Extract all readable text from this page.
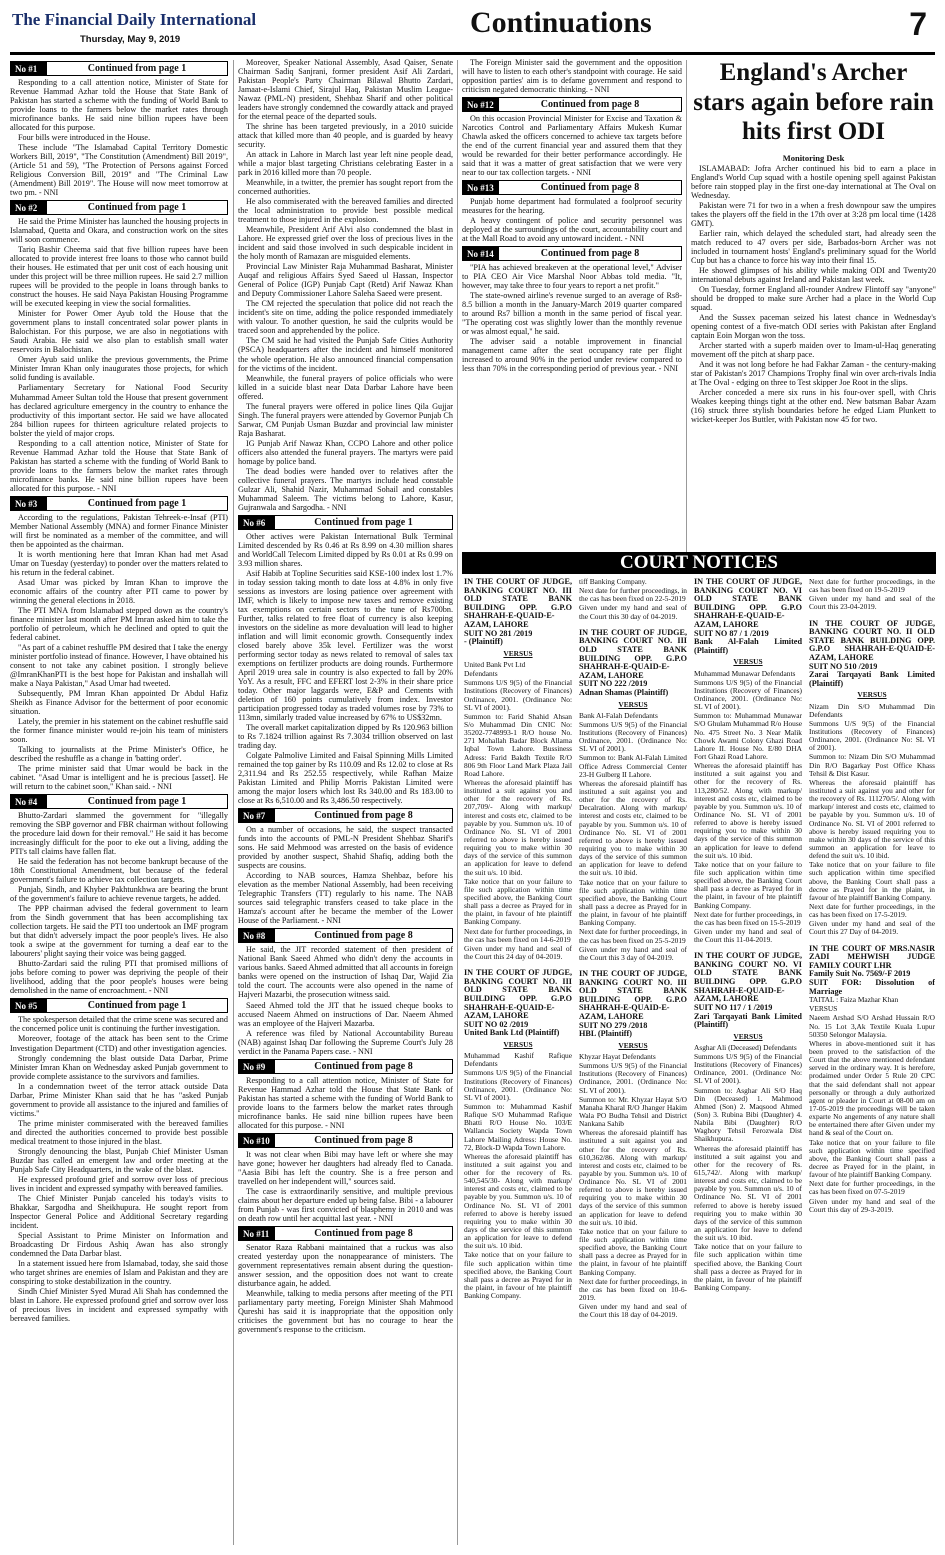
The Financial Daily International
Thursday, May 9, 2019
Continuations	7
No #1	Continued from page 1

Responding to a call attention notice, Minister of State for Revenue Hammad Azhar told the House that State Bank of Pakistan has started a scheme with the funding of World Bank to provide loans to the farmers below the market rates through microfinance banks. He said nine billion rupees have been allocated for this purpose.

Four bills were introduced in the House.

These include "The Islamabad Capital Territory Domestic Workers Bill, 2019", "The Constitution (Amendment) Bill 2019", (Article 51 and 59), "The Protection of Persons against Forced Religious Conversion Bill, 2019" and "The Criminal Law (Amendment) Bill 2019". The House will now meet tomorrow at two pm. - NNI

No #2	Continued from page 1

He said the Prime Minister has launched the housing projects in Islamabad, Quetta and Okara, and construction work on the sites will soon commence.

Tariq Bashir Cheema said that five billion rupees have been allocated to provide interest free loans to those who cannot build their houses. He estimated that per unit cost of each housing unit under this project will be three million rupees. He said 2.7 million rupees will be provided to the people in loans through banks to construct the houses. He said Naya Pakistan Housing Programme will be executed keeping in view the social formalities.

Minister for Power Omer Ayub told the House that the government plans to install concentrated solar power plants in Balochistan. For this purpose, we are also in negotiations with Saudi Arabia. He said we also plan to establish small water reservoirs in Balochistan.

Omer Ayub said unlike the previous governments, the Prime Minister Imran Khan only inaugurates those projects, for which solid funding is available.

Parliamentary Secretary for National Food Security Muhammad Ameer Sultan told the House that present government has declared agriculture emergency in the country to enhance the productivity of this important sector. He said we have allocated 284 billion rupees for thirteen agriculture related projects to bolster the yield of major crops.

Responding to a call attention notice, Minister of State for Revenue Hammad Azhar told the House that State Bank of Pakistan has started a scheme with the funding of World Bank to provide loans to the farmers below the market rates through microfinance banks. He said nine billion rupees have been allocated for this purpose. - NNI

No #3	Continued from page 1

According to the regulations, Pakistan Tehreek-e-Insaf (PTI) Member National Assembly (MNA) and former Finance Minister will first be nominated as a member of the committee, and will then be appointed as the chairman.

It is worth mentioning here that Imran Khan had met Asad Umar on Tuesday (yesterday) to ponder over the matters related to his return in the federal cabinet.

Asad Umar was picked by Imran Khan to improve the economic affairs of the country after PTI came to power by winning the general elections in 2018.

The PTI MNA from Islamabad stepped down as the country's finance minister last month after PM Imran asked him to take the portfolio of petroleum, which he declined and opted to quit the federal cabinet.

"As part of a cabinet reshuffle PM desired that I take the energy minister portfolio instead of finance. However, I have obtained his consent to not take any cabinet position. I strongly believe @ImranKhanPTI is the best hope for Pakistan and inshallah will make a Naya Pakistan," Asad Umar had tweeted.

Subsequently, PM Imran Khan appointed Dr Abdul Hafiz Sheikh as Finance Advisor for the betterment of poor economic situation.

Lately, the premier in his statement on the cabinet reshuffle said the former finance minister would re-join his team of ministers soon.

Talking to journalists at the Prime Minister's Office, he described the reshuffle as a change in 'batting order'.

The prime minister said that Umar would be back in the cabinet. "Asad Umar is intelligent and he is precious [asset]. He will return to the cabinet soon," Khan said. - NNI

No #4	Continued from page 1

Bhutto-Zardari slammed the government for "illegally removing the SBP governor and FBR chairman without following the procedure laid down for their removal." He said it has become increasingly difficult for the poor to eke out a living, adding the PTI's tall claims have fallen flat.

He said the federation has not become bankrupt because of the 18th Constitutional Amendment, but because of the federal government's failure to achieve tax collection targets.

Punjab, Sindh, and Khyber Pakhtunkhwa are bearing the brunt of the government's failure to achieve revenue targets, he added.

The PPP chairman advised the federal government to learn from the Sindh government that has been accomplishing tax collection targets. He said the PTI too undertook an IMF program but that didn't adversely impact the poor people's lives. He also took a swipe at the government for turning a deaf ear to the labourers' plight saying their voice was being gagged.

Bhutto-Zardari said the ruling PTI that promised millions of jobs before coming to power was depriving the people of their livelihood, adding that the poor people's houses were being demolished in the name of encroachment. - NNI

No #5	Continued from page 1

The spokesperson detailed that the crime scene was secured and the concerned police unit is continuing the further investigation.

Moreover, footage of the attack has been sent to the Crime Investigation Department (CTD) and other investigation agencies.

Strongly condemning the blast outside Data Darbar, Prime Minister Imran Khan on Wednesday asked Punjab government to provide complete assistance to the survivors and families.

In a condemnation tweet of the terror attack outside Data Darbar, Prime Minister Khan said that he has "asked Punjab government to provide all assistance to the injured and families of victims."

The prime minister commiserated with the bereaved families and directed the authorities concerned to provide best possible medical treatment to those injured in the blast.

Strongly denouncing the blast, Punjab Chief Minister Usman Buzdar has called an emergent law and order meeting at the Punjab Safe City Headquarters, in the wake of the blast.

He expressed profound grief and sorrow over loss of precious lives in incident and expressed sympathy with bereaved families.

The Chief Minister Punjab canceled his today's visits to Bhakkar, Sargodha and Sheikhupura. He sought report from Inspector General Police and Additional Secretary regarding incident.

Special Assistant to Prime Minister on Information and Broadcasting Dr Firdous Ashiq Awan has also strongly condemned the Data Darbar blast.

In a statement issued here from Islamabad, today, she said those who target shrines are enemies of Islam and Pakistan and they are conspiring to stoke destabilization in the country.

Sindh Chief Minister Syed Murad Ali Shah has condemned the blast in Lahore. He expressed profound grief and sorrow over loss of precious lives in incident and expressed sympathy with bereaved families.

Moreover, Speaker National Assembly, Asad Qaiser, Senate Chairman Sadiq Sanjrani, former president Asif Ali Zardari, Pakistan People's Party Chairman Bilawal Bhutto Zardari, Jamaat-e-Islami Chief, Sirajul Haq, Pakistan Muslim League-Nawaz (PML-N) president, Shehbaz Sharif and other political leaders have strongly condemned the cowardly attack and prayed for the eternal peace of the departed souls.

The shrine has been targeted previously, in a 2010 suicide attack that killed more than 40 people, and is guarded by heavy security.

An attack in Lahore in March last year left nine people dead, while a major blast targeting Christians celebrating Easter in a park in 2016 killed more than 70 people.

Meanwhile, in a twitter, the premier has sought report from the concerned authorities.

He also commiserated with the bereaved families and directed the local administration to provide best possible medical treatment to those injured in the explosion.

Meanwhile, President Arif Alvi also condemned the blast in Lahore. He expressed grief over the loss of precious lives in the incident and said those involved in such despicable incident in the holy month of Ramazan are misguided elements.

Provincial Law Minister Raja Muhammad Basharat, Minister Auqaf and religious Affairs Syed Saeed ul Hassan, Inspector General of Police (IGP) Punjab Capt (Retd) Arif Nawaz Khan and Deputy Commissioner Lahore Saleha Saeed were present.

The CM rejected the speculation that police did not reach the incident's site on time, adding the police responded immediately with valour. To another question, he said the culprits would be traced soon and apprehended by the police.

The CM said he had visited the Punjab Safe Cities Authority (PSCA) headquarters after the incident and himself monitored the whole operation. He also announced financial compensation for the victims of the incident.

Meanwhile, the funeral prayers of police officials who were killed in a suicide blast near Data Darbar Lahore have been offered.

The funeral prayers were offered in police lines Qila Gujjar Singh. The funeral prayers were attended by Governor Punjab Ch Sarwar, CM Punjab Usman Buzdar and provincial law minister Raja Basharat.

IG Punjab Arif Nawaz Khan, CCPO Lahore and other police officers also attended the funeral prayers. The martyrs were paid homage by police band.

The dead bodies were handed over to relatives after the collective funeral prayers. The martyrs include head constable Gulzar Ali, Shahid Nazir, Muhammad Sohail and constables Muhammad Saleem. The victims belong to Lahore, Kasur, Gujranwala and Sargodha. - NNI

No #6	Continued from page 1

Other actives were Pakistan International Bulk Terminal Limited descended by Rs 0.46 at Rs 8.99 on 4.30 million shares and WorldCall Telecom Limited dipped by Rs 0.01 at Rs 0.99 on 3.93 million shares.

Asif Habib at Topline Securities said KSE-100 index lost 1.7% in today session taking month to date loss at 4.8% in only five sessions as investors are losing patience over agreement with IMF, which is likely to impose new taxes and remove existing tax exemptions on certain sectors to the tune of Rs700bn. Further, talks related to free float of currency is also keeping investors on the sideline as more devaluation will lead to higher inflation and will limit economic growth. Consequently index closed barely above 35k level. Fertilizer was the worst performing sector today as news related to removal of sales tax exemptions on fertilizer products are doing rounds. Furthermore April 2019 urea sale in country is also expected to fall by 20% YoY. As a result, FFC and EFERT lost 2-3% in their share price today. Other major laggards were, E&P and Cements with deletion of 160 points cumulatively from index. Investor participation progressed today as traded volumes rose by 73% to 113mn, similarly traded value increased by 67% to US$32mn.

The overall market capitalization dipped by Rs 120.963 billion to Rs 7.1824 trillion against Rs 7.3034 trillion observed on last trading day.

Colgate Palmolive Limited and Faisal Spinning Mills Limited remained the top gainer by Rs 110.09 and Rs 12.02 to close at Rs 2,311.94 and Rs 252.55 respectively, while Rafhan Maize Pakistan Limited and Philip Morris Pakistan Limited were among the major losers which lost Rs 340.00 and Rs 183.00 to close at Rs 6,510.00 and Rs 3,486.50 respectively.

No #7	Continued from page 8

On a number of occasions, he said, the suspect transacted funds into the accounts of PML-N President Shehbaz Sharif's sons. He said Mehmood was arrested on the basis of evidence provided by another suspect, Shahid Shafiq, adding both the suspects are cousins.

According to NAB sources, Hamza Shehbaz, before his elevation as the member National Assembly, had been receiving Telegraphic Transfers (TT) regularly to his name. The NAB sources said telegraphic transfers ceased to take place in the Hamza's account after he became the member of the Lower House of the Parliament. - NNI

No #8	Continued from page 8

He said, the JIT recorded statement of then president of National Bank Saeed Ahmed who didn't deny the accounts in various banks. Saeed Ahmed admitted that all accounts in foreign banks were opened on the instruction of Ishaq Dar, Wajid Zia told the court. The accounts were also opened in the name of Hajveri Mazarbi, the prosecution witness said.

Saeed Ahmed told the JIT that he issued cheque books to accused Naeem Ahmed on instructions of Dar. Naeem Ahmed was an employee of the Hajveri Mazarba.

A reference was filed by National Accountability Bureau (NAB) against Ishaq Dar following the Supreme Court's July 28 verdict in the Panama Papers case. - NNI

No #9	Continued from page 8

Responding to a call attention notice, Minister of State for Revenue Hammad Azhar told the House that State Bank of Pakistan has started a scheme with the funding of World Bank to provide loans to the farmers below the market rates through microfinance banks. He said nine billion rupees have been allocated for this purpose. - NNI

No #10	Continued from page 8

It was not clear when Bibi may have left or where she may have gone; however her daughters had already fled to Canada. "Aasia Bibi has left the country. She is a free person and travelled on her independent will," sources said.

The case is extraordinarily sensitive, and multiple previous claims about her departure ended up being false. Bibi - a labourer from Punjab - was first convicted of blasphemy in 2010 and was on death row until her acquittal last year. - NNI

No #11	Continued from page 8

Senator Raza Rabbani maintained that a ruckus was also created yesterday upon the nonappearance of ministers. The government representatives remain absent during the question-answer session, and the opposition does not want to create disturbance again, he added.

Meanwhile, talking to media persons after meeting of the PTI parliamentary party meeting, Foreign Minister Shah Mahmood Qureshi has said it is inappropriate that the opposition only criticises the government but has no courage to hear the government's response to the criticism.

The Foreign Minister said the government and the opposition will have to listen to each other's standpoint with courage. He said opposition parties' aim is to defame government and respond to criticism negated democratic thinking. - NNI

No #12	Continued from page 8

On this occasion Provincial Minister for Excise and Taxation & Narcotics Control and Parliamentary Affairs Mukesh Kumar Chawla asked the officers concerned to achieve tax targets before the end of the current financial year and assured them that they would be rewarded for their better performance accordingly. He said that it was a matter of great satisfaction that we were very near to our tax collection targets. - NNI

No #13	Continued from page 8

Punjab home department had formulated a foolproof security measures for the hearing.

A heavy contingent of police and security personnel was deployed at the surroundings of the court, accountability court and at the Mall Road to avoid any untoward incident. - NNI

No #14	Continued from page 8

"PIA has achieved breakeven at the operational level," Adviser to PIA CEO Air Vice Marshal Noor Abbas told media. "It, however, may take three to four years to report a net profit."

The state-owned airline's revenue surged to an average of Rs8-8.5 billion a month in the January-March 2019 quarter compared to around Rs7 billion a month in the same period of fiscal year. "The operating cost was slightly lower than the monthly revenue or was almost equal," he said.

The adviser said a notable improvement in financial management came after the seat occupancy rate per flight increased to around 90% in the period under review compared to less than 70% in the corresponding period of previous year. - NNI

England's Archer stars again before rain hits first ODI
Monitoring Desk

ISLAMABAD: Jofra Archer continued his bid to earn a place in England's World Cup squad with a hostile opening spell against Pakistan before rain stopped play in the first one-day international at The Oval on Wednesday.

Pakistan were 71 for two in a when a fresh downpour saw the umpires takes the players off the field in the 17th over at 3:28 pm local time (1428 GMT).

Earlier rain, which delayed the scheduled start, had already seen the match reduced to 47 overs per side, Barbados-born Archer was not included in tournament hosts' England's preliminary squad for the World Cup but has a chance to force his way into their final 15.

He showed glimpses of his ability while making ODI and Twenty20 international debuts against Ireland and Pakistan last week.

On Tuesday, former England all-rounder Andrew Flintoff say "anyone" should be dropped to make sure Archer had a place in the World Cup squad.

And the Sussex paceman seized his latest chance in Wednesday's opening contest of a five-match ODI series with Pakistan after England captain Eoin Morgan won the toss.

Archer started with a superb maiden over to Imam-ul-Haq generating movement off the pitch at sharp pace.

And it was not long before he had Fakhar Zaman - the century-making star of Pakistan's 2017 Champions Trophy final win over arch-rivals India at The Oval - edging on three to Test skipper Joe Root in the slips.

Archer conceded a mere six runs in his four-over spell, with Chris Woakes keeping things tight at the other end. New batsman Babar Azam (16) struck three stylish boundaries before he edged Liam Plunkett to wicket-keeper Jos Buttler, with Pakistan now 45 for two.

COURT NOTICES
IN THE COURT OF JUDGE, BANKING COURT NO. III OLD STATE BANK BUILDING OPP. G.P.O SHAHRAH-E-QUAID-E-AZAM, LAHORE
SUIT NO 281 /2019
- (Plaintiff)
VERSUS

United Bank Pvt Ltd

Defendants

Summons U/S 9(5) of the Financial Institutions (Recovery of Finances) Ordinance, 2001. (Ordinance No: SL VI of 2001).

Summon to: Farid Shahid Ahsan S/o Muhammad Din CNIC No: 35202-7748993-1 R/O house No. 271 Mohallah Badar Block Allama Iqbal Town Lahore. Bussiness Adress: Farid Bakdh Textile R/O 806 9th Floor Land Mark Plaza Jail Road Lahore.

Whereas the aforesaid plaintiff has instituted a suit against you and other for the recovery of Rs. 207,709/- Along with markup/ interest and costs etc, claimed to be payable by you. Summon u/s. 10 of Ordinance No. SL VI of 2001 referred to above is hereby issued requiring you to make within 30 days of the service of this summon an application for leave to defend the suit u/s. 10 ibid.

Take notice that on your failure to file such application within time specified above, the Banking Court shall pass a decree as Prayed for in the plaint, in favour of hte plaintiff Banking Company.

Next date for further proceedings, in the cas has been fixed on 14-6-2019

Given under my hand and seal of the Court this 24 day of 04-2019.

IN THE COURT OF JUDGE, BANKING COURT NO. III OLD STATE BANK BUILDING OPP. G.P.O SHAHRAH-E-QUAID-E-AZAM, LAHORE
SUIT NO 02 /2019
United Bank Ltd (Plaintiff)
VERSUS

Muhammad Kashif Rafique Defendants

Summons U/S 9(5) of the Financial Institutions (Recovery of Finances) Ordinance, 2001. (Ordinance No: SL VI of 2001).

Summon to: Muhammad Kashif Rafique S/O Muhammad Rafique Bhatti R/O House No. 103/E Wallancia Society Wapda Town Lahore Mailing Adress: House No. 72, Block-D Wapda Town Lahore.

Whereas the aforesaid plaintiff has instituted a suit against you and other for the recovery of Rs. 540,545/30- Along with markup/ interest and costs etc, claimed to be payable by you. Summon u/s. 10 of Ordinance No. SL VI of 2001 referred to above is hereby issued requiring you to make within 30 days of the service of this summon an application for leave to defend the suit u/s. 10 ibid.

Take notice that on your failure to file such application within time specified above, the Banking Court shall pass a decree as Prayed for in the plaint, in favour of hte plaintiff Banking Company.

tiff Banking Company.

Next date for further proceedings, in the cas has been fixed on 22-5-2019

Given under my hand and seal of the Court this 30 day of 04-2019.

IN THE COURT OF JUDGE, BANKING COURT NO. III OLD STATE BANK BUILDING OPP. G.P.O SHAHRAH-E-QUAID-E-AZAM, LAHORE
SUIT NO 222 /2019
Adnan Shamas (Plaintiff)
VERSUS

Bank Al-Falah Defendants

Summons U/S 9(5) of the Financial Institutions (Recovery of Finances) Ordinance, 2001. (Ordinance No: SL VI of 2001).

Summon to: Bank Al-Falah Limited Office Adress Commercial Center 23-H Gulberg II Lahore.

Whereas the aforesaid plaintiff has instituted a suit against you and other for the recovery of Rs. Decalration. Along with markup/ interest and costs etc, claimed to be payable by you. Summon u/s. 10 of Ordinance No. SL VI of 2001 referred to above is hereby issued requiring you to make within 30 days of the service of this summon an application for leave to defend the suit u/s. 10 ibid.

Take notice that on your failure to file such application within time specified above, the Banking Court shall pass a decree as Prayed for in the plaint, in favour of hte plaintiff Banking Company.

Next date for further proceedings, in the cas has been fixed on 25-5-2019

Given under my hand and seal of the Court this 3 day of 04-2019.

IN THE COURT OF JUDGE, BANKING COURT NO. III OLD STATE BANK BUILDING OPP. G.P.O SHAHRAH-E-QUAID-E-AZAM, LAHORE
SUIT NO 279 /2018
HBL (Plaintiff)
VERSUS

Khyzar Hayat Defendants

Summons U/S 9(5) of the Financial Institutions (Recovery of Finances) Ordinance, 2001. (Ordinance No: SL VI of 2001).

Summon to: Mr. Khyzar Hayat S/O Manaha Kharal R/O Jhanger Hakim Wala PO Budha Tehsil and District Nankana Sahib

Whereas the aforesaid plaintiff has instituted a suit against you and other for the recovery of Rs. 610,362/86. Along with markup/ interest and costs etc, claimed to be payable by you. Summon u/s. 10 of Ordinance No. SL VI of 2001 referred to above is hereby issued requiring you to make within 30 days of the service of this summon an application for leave to defend the suit u/s. 10 ibid.

Take notice that on your failure to file such application within time specified above, the Banking Court shall pass a decree as Prayed for in the plaint, in favour of hte plaintiff Banking Company.

Next date for further proceedings, in the cas has been fixed on 10-6-2019.

Given under my hand and seal of the Court this 18 day of 04-2019.

IN THE COURT OF JUDGE, BANKING COURT NO. VI OLD STATE BANK BUILDING OPP. G.P.O SHAHRAH-E-QUAID-E-AZAM, LAHORE
SUIT NO 87 / 1 /2019
Bank Al-Falah Limited (Plaintiff)
VERSUS

Muhammad Munawar Defendants

Summons U/S 9(5) of the Financial Institutions (Recovery of Finances) Ordinance, 2001. (Ordinance No: SL VI of 2001).

Summon to: Muhammad Munawar S/O Ghulam Muhammad R/o House No. 475 Street No. 3 Near Malik Chowk Awami Colony Ghazi Road Lahore II. House No. E/80 DHA Fort Ghazi Road Lahore.

Whereas the aforesaid plaintiff has instituted a suit against you and other for the recovery of Rs. 113,280/52. Along with markup/ interest and costs etc, claimed to be payable by you. Summon u/s. 10 of Ordinance No. SL VI of 2001 referred to above is hereby issued requiring you to make within 30 days of the service of this summon an application for leave to defend the suit u/s. 10 ibid.

Take notice that on your failure to file such application within time specified above, the Banking Court shall pass a decree as Prayed for in the plaint, in favour of hte plaintiff Banking Company.

Next date for further proceedings, in the cas has been fixed on 15-5-2019

Given under my hand and seal of the Court this 11-04-2019.

IN THE COURT OF JUDGE, BANKING COURT NO. VI OLD STATE BANK BUILDING OPP. G.P.O SHAHRAH-E-QUAID-E-AZAM, LAHORE
SUIT NO 117 / 1 /2019
Zari Tarqayati Bank Limited (Plaintiff)
VERSUS

Asghar Ali (Deceased) Defendants

Summons U/S 9(5) of the Financial Institutions (Recovery of Finances) Ordinance, 2001. (Ordinance No: SL VI of 2001).

Summon to: Asghar Ali S/O Haq Din (Deceased) 1. Mahmood Ahmed (Son) 2. Maqsood Ahmed (Son) 3. Rubina Bibi (Daughter) 4. Nabila Bibi (Daughter) R/O Waghory Tehsil Ferozwala Dist Shaikhupura.

Whereas the aforesaid plaintiff has instituted a suit against you and other for the recovery of Rs. 615,742/. Along with markup/ interest and costs etc, claimed to be payable by you. Summon u/s. 10 of Ordinance No. SL VI of 2001 referred to above is hereby issued requiring you to make within 30 days of the service of this summon an application for leave to defend the suit u/s. 10 ibid.

Take notice that on your failure to file such application within time specified above, the Banking Court shall pass a decree as Prayed for in the plaint, in favour of hte plaintiff Banking Company.

Next date for further proceedings, in the cas has been fixed on 19-5-2019

Given under my hand and seal of the Court this 23-04-2019.

IN THE COURT OF JUDGE, BANKING COURT NO. II OLD STATE BANK BUILDING OPP. G.P.O SHAHRAH-E-QUAID-E-AZAM, LAHORE
SUIT NO 510 /2019
Zarai Tarqayati Bank Limited (Plaintiff)
VERSUS

Nizam Din S/O Muhammad Din Defendants

Summons U/S 9(5) of the Financial Institutions (Recovery of Finances) Ordinance, 2001. (Ordinance No: SL VI of 2001).

Summon to: Nizam Din S/O Muhammad Din R/O Bagarkay Post Office Khass Tehsil & Dist Kasur.

Whereas the aforesaid plaintiff has instituted a suit against you and other for the recovery of Rs. 111270/5/. Along with markup/ interest and costs etc, claimed to be payable by you. Summon u/s. 10 of Ordinance No. SL VI of 2001 referred to above is hereby issued requiring you to make within 30 days of the service of this summon an application for leave to defend the suit u/s. 10 ibid.

Take notice that on your failure to file such application within time specified above, the Banking Court shall pass a decree as Prayed for in the plaint, in favour of hte plaintiff Banking Company.

Next date for further proceedings, in the cas has been fixed on 17-5-2019.

Given under my hand and seal of the Court this 27 Day of 04-2019.

IN THE COURT OF MRS.NASIR ZADI MEHWISH JUDGE FAMILY COURT LHR
Family Suit No. 7569/-F 2019
SUIT FOR: Dissolution of Marriage

TAITAL : Faiza Mazhar Khan

VERSUS

Naeem Arshad S/O Arshad Hussain R/O No. 15 Lot 3,Ak Textile Kuala Lupur 50350 Selongor Malaysia.

Wheres in above-mentioned suit it has been proved to the satisfaction of the Court that the above mentioned defendant served in the ordinary way. It is herefore, prodaimed under Order 5 Rule 20 CPC that the said defendant shall not appear personally or through a duly authorized agent or pleader in Court at 08-00 am on 17-05-2019 the proceedings will be taken exparte No angements of any nature shall be entertained there after Given under my hand & seal of the Court on.

Take notice that on your failure to file such application within time specified above, the Banking Court shall pass a decree as Prayed for in the plaint, in favour of hte plaintiff Banking Company.

Next date for further proceedings, in the cas has been fixed on 07-5-2019

Given under my hand and seal of the Court this day of 29-3-2019.
